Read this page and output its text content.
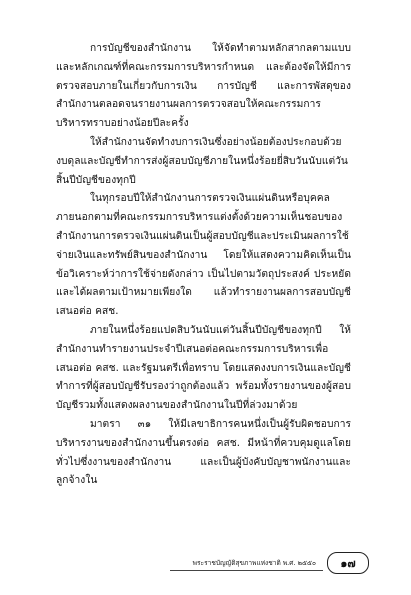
การบัญชีของสำนักงาน ให้จัดทำตามหลักสากลตามแบบและหลักเกณฑ์ที่คณะกรรมการบริหารกำหนด และต้องจัดให้มีการตรวจสอบภายในเกี่ยวกับการเงิน การบัญชี และการพัสดุของสำนักงานตลอดจนรายงานผลการตรวจสอบให้คณะกรรมการบริหารทราบอย่างน้อยปีละครั้ง

ให้สำนักงานจัดทำงบการเงินซึ่งอย่างน้อยต้องประกอบด้วยงบดุลและบัญชีทำการส่งผู้สอบบัญชีภายในหนึ่งร้อยยี่สิบวันนับแต่วันสิ้นปีบัญชีของทุกปี

ในทุกรอบปีให้สำนักงานการตรวจเงินแผ่นดินหรือบุคคลภายนอกตามที่คณะกรรมการบริหารแต่งตั้งด้วยความเห็นชอบของสำนักงานการตรวจเงินแผ่นดินเป็นผู้สอบบัญชีและประเมินผลการใช้จ่ายเงินและทรัพย์สินของสำนักงาน โดยให้แสดงความคิดเห็นเป็นข้อวิเคราะห์ว่าการใช้จ่ายดังกล่าว เป็นไปตามวัตถุประสงค์ ประหยัด และได้ผลตามเป้าหมายเพียงใด แล้วทำรายงานผลการสอบบัญชี เสนอต่อ คสช.

ภายในหนึ่งร้อยแปดสิบวันนับแต่วันสิ้นปีบัญชีของทุกปี ให้สำนักงานทำรายงานประจำปีเสนอต่อคณะกรรมการบริหารเพื่อเสนอต่อ คสช. และรัฐมนตรีเพื่อทราบ โดยแสดงงบการเงินและบัญชีทำการที่ผู้สอบบัญชีรับรองว่าถูกต้องแล้ว พร้อมทั้งรายงานของผู้สอบบัญชีรวมทั้งแสดงผลงานของสำนักงานในปีที่ล่วงมาด้วย

มาตรา ๓๑ ให้มีเลขาธิการคนหนึ่งเป็นผู้รับผิดชอบการบริหารงานของสำนักงานขึ้นตรงต่อ คสช. มีหน้าที่ควบคุมดูแลโดยทั่วไปซึ่งงานของสำนักงาน และเป็นผู้บังคับบัญชาพนักงานและลูกจ้างใน

พระราชบัญญัติสุขภาพแห่งชาติ พ.ศ. ๒๕๕๐ ๑๗
